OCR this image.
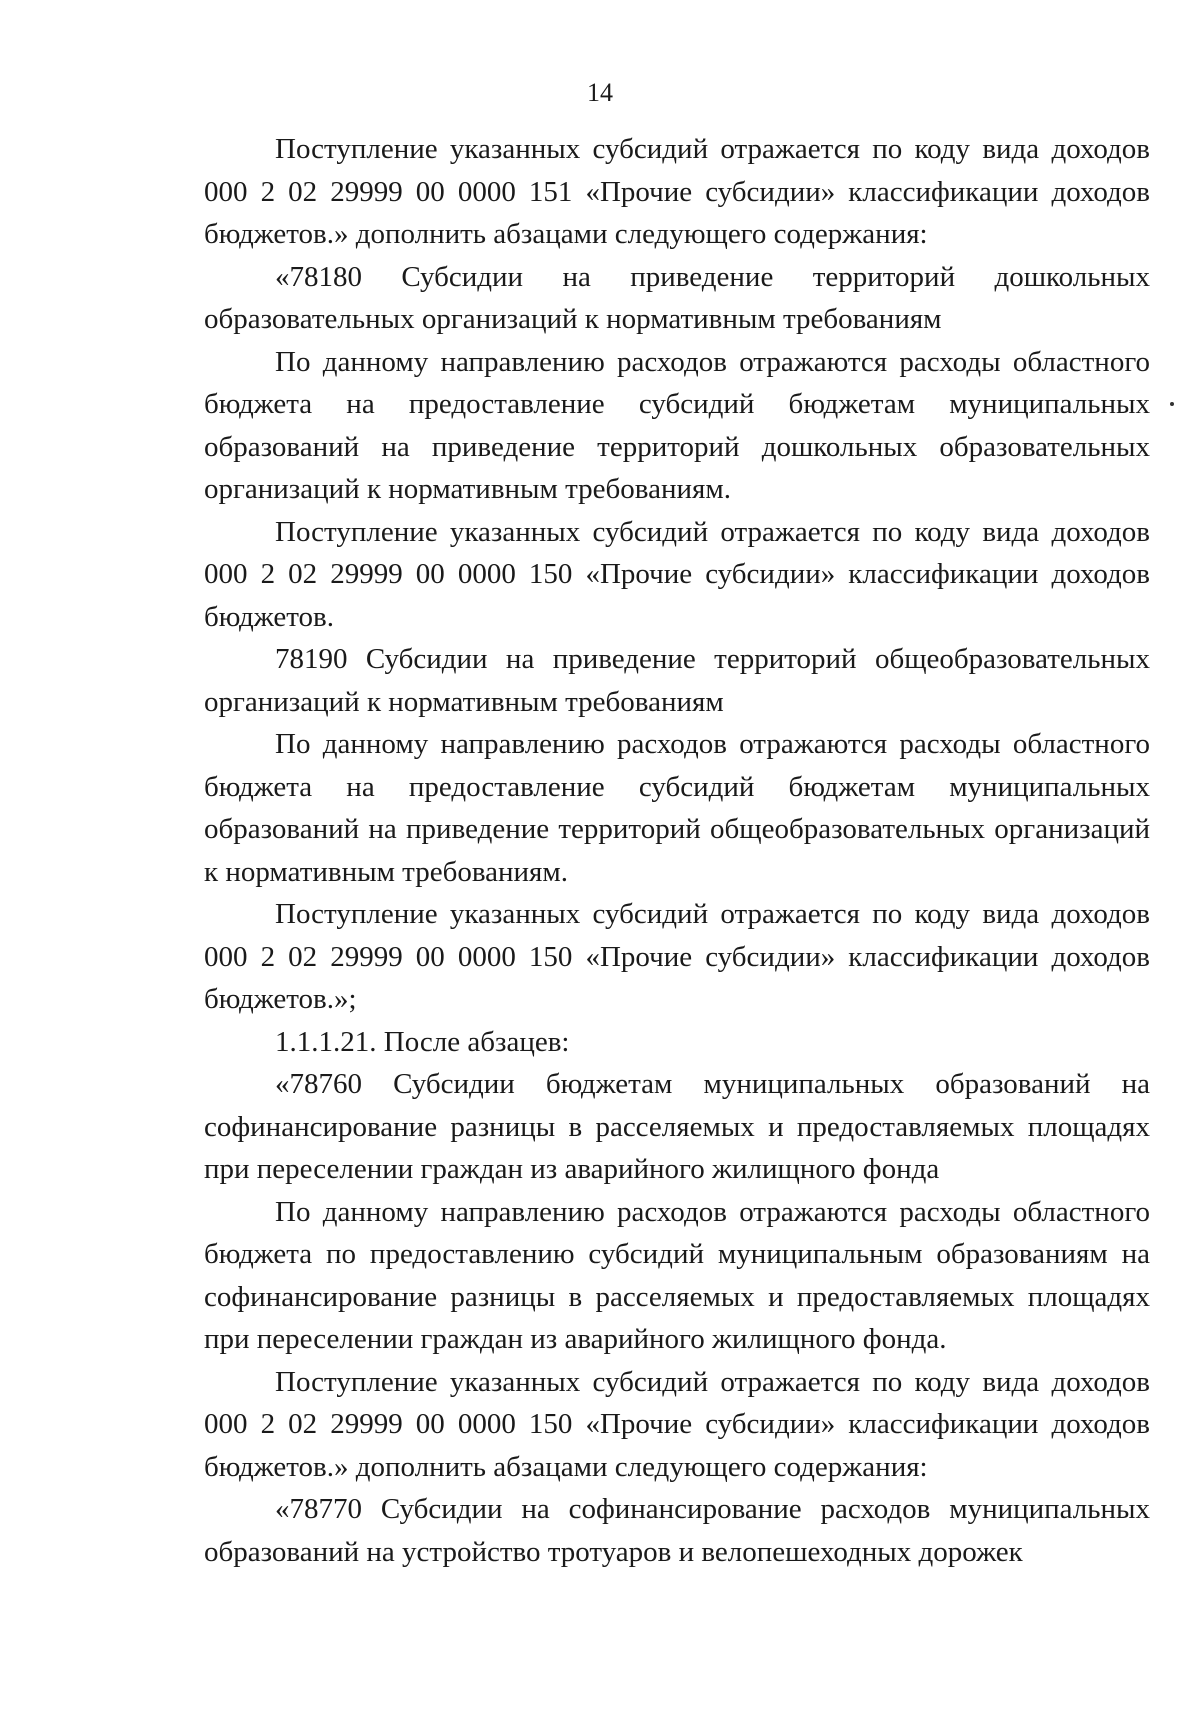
14

Поступление указанных субсидий отражается по коду вида доходов 000 2 02 29999 00 0000 151 «Прочие субсидии» классификации доходов бюджетов.» дополнить абзацами следующего содержания:

«78180 Субсидии на приведение территорий дошкольных образовательных организаций к нормативным требованиям

По данному направлению расходов отражаются расходы областного бюджета на предоставление субсидий бюджетам муниципальных образований на приведение территорий дошкольных образовательных организаций к нормативным требованиям.

Поступление указанных субсидий отражается по коду вида доходов 000 2 02 29999 00 0000 150 «Прочие субсидии» классификации доходов бюджетов.

78190 Субсидии на приведение территорий общеобразовательных организаций к нормативным требованиям

По данному направлению расходов отражаются расходы областного бюджета на предоставление субсидий бюджетам муниципальных образований на приведение территорий общеобразовательных организаций к нормативным требованиям.

Поступление указанных субсидий отражается по коду вида доходов 000 2 02 29999 00 0000 150 «Прочие субсидии» классификации доходов бюджетов.»;

1.1.1.21. После абзацев:

«78760 Субсидии бюджетам муниципальных образований на софинансирование разницы в расселяемых и предоставляемых площадях при переселении граждан из аварийного жилищного фонда

По данному направлению расходов отражаются расходы областного бюджета по предоставлению субсидий муниципальным образованиям на софинансирование разницы в расселяемых и предоставляемых площадях при переселении граждан из аварийного жилищного фонда.

Поступление указанных субсидий отражается по коду вида доходов 000 2 02 29999 00 0000 150 «Прочие субсидии» классификации доходов бюджетов.» дополнить абзацами следующего содержания:

«78770 Субсидии на софинансирование расходов муниципальных образований на устройство тротуаров и велопешеходных дорожек
